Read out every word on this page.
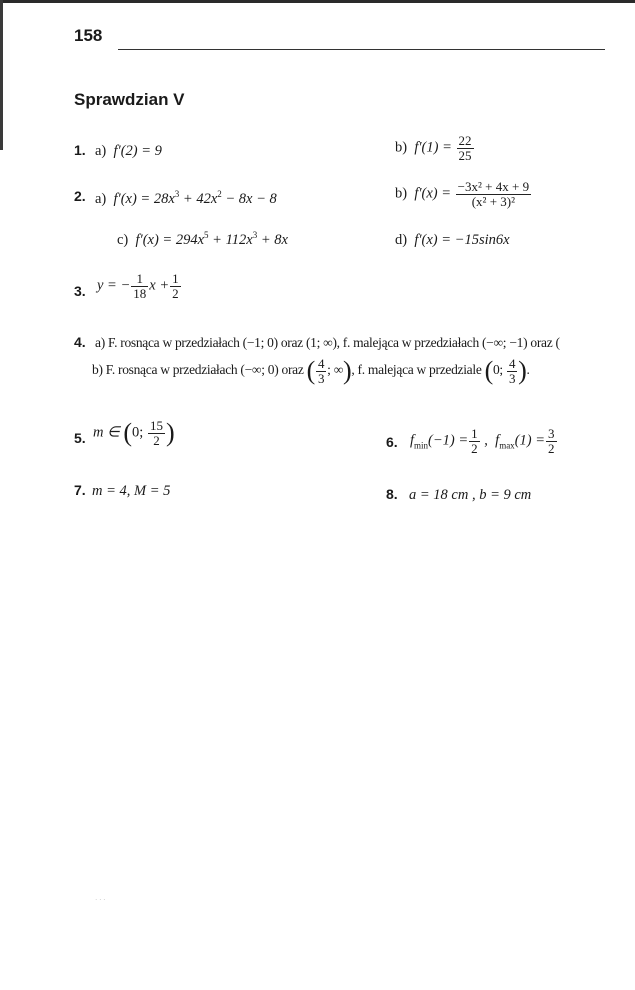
158
Sprawdzian V
1. a) f′(2) = 9	b) $f'(1) = \frac{22}{25}$
2. a) $f'(x) = 28x^3 + 42x^2 - 8x - 8$	b) $f'(x) = \frac{\text{−3x² + 4x + 9}}{\text{(x² + 3)²}}$
c) $f'(x) = 294x^5 + 112x^3 + 8x$	d) f′(x) = −15sin6x
3. y = − $\frac{1}{18}$ $x + \frac{1}{2}$
4. a) F. rosnąca w przedziałach (−1; 0) oraz (1; ∞), f. malejąca w przedziałach (−∞; −1) oraz (
b) F. rosnąca w przedziałach (−∞; 0) oraz ( $\frac{4}{3}$ ; ∞), f. malejąca w przedziale (0; $\frac{4}{3}$ ).
5. m ∈ (0; $\frac{15}{2}$ )	6. $f_{min}(-1) = \frac{1}{2}$ , $f_{max}(1) = \frac{3}{2}$
7. m = 4, M = 5	8. a = 18 cm , b = 9 cm
· · ·
